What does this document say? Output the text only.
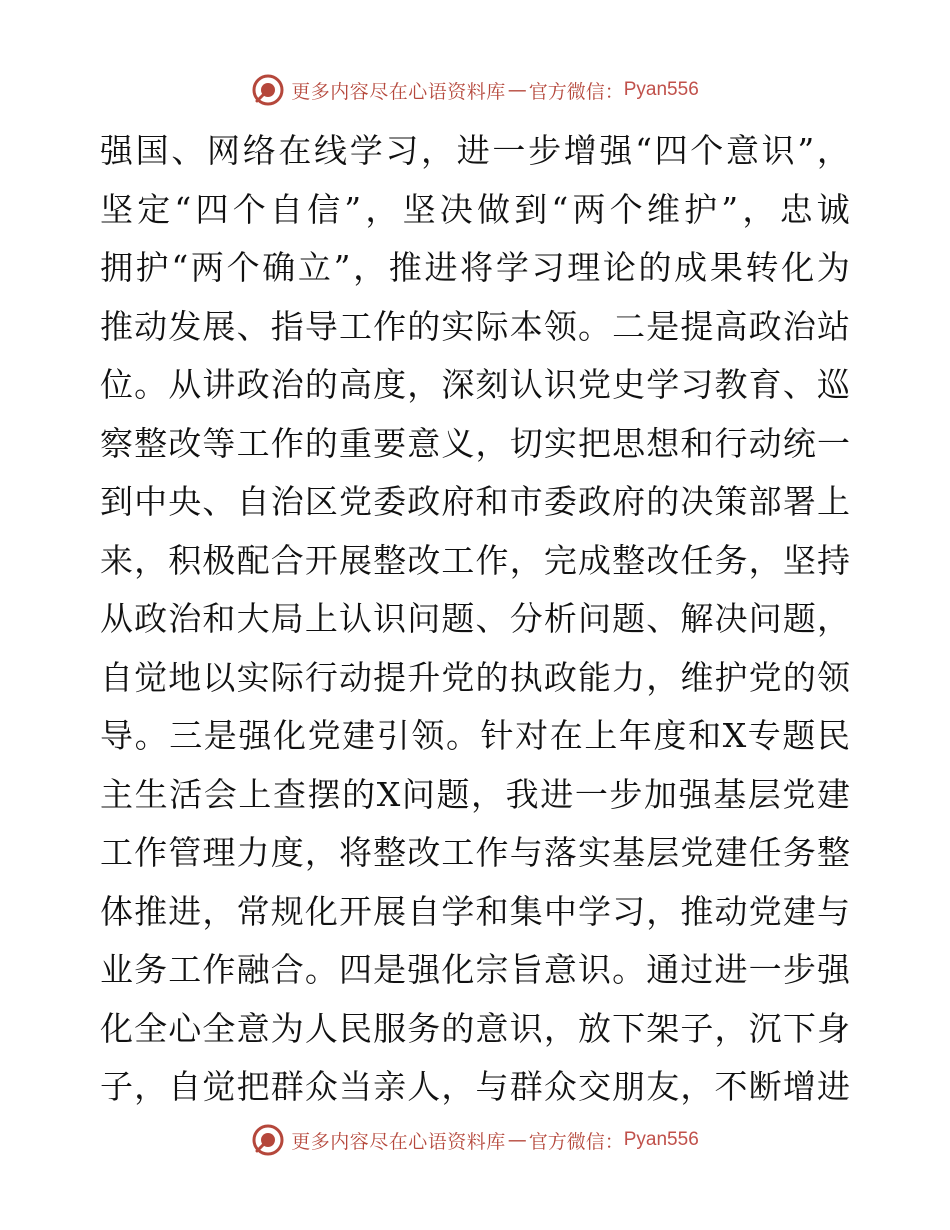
更多内容尽在心语资料库 — 官方微信： Pyan556
强 国 、 网 络 在 线 学 习 ， 进 一 步 增 强 “ 四 个 意 识 ” ，
坚 定 “ 四 个 自 信 ” ， 坚 决 做 到 “ 两 个 维 护 ” ， 忠 诚
拥 护 “ 两 个 确 立 ” ， 推 进 将 学 习 理 论 的 成 果 转 化 为
推 动 发 展 、 指 导 工 作 的 实 际 本 领 。 二 是 提 高 政 治 站
位 。 从 讲 政 治 的 高 度 ， 深 刻 认 识 党 史 学 习 教 育 、 巡
察 整 改 等 工 作 的 重 要 意 义 ， 切 实 把 思 想 和 行 动 统 一
到 中 央 、 自 治 区 党 委 政 府 和 市 委 政 府 的 决 策 部 署 上
来 ， 积 极 配 合 开 展 整 改 工 作 ， 完 成 整 改 任 务 ， 坚 持
从 政 治 和 大 局 上 认 识 问 题 、 分 析 问 题 、 解 决 问 题 ，
自 觉 地 以 实 际 行 动 提 升 党 的 执 政 能 力 ， 维 护 党 的 领
导 。 三 是 强 化 党 建 引 领 。 针 对 在 上 年 度 和 X 专 题 民
主 生 活 会 上 查 摆 的 X 问 题 ， 我 进 一 步 加 强 基 层 党 建
工 作 管 理 力 度 ， 将 整 改 工 作 与 落 实 基 层 党 建 任 务 整
体 推 进 ， 常 规 化 开 展 自 学 和 集 中 学 习 ， 推 动 党 建 与
业 务 工 作 融 合 。 四 是 强 化 宗 旨 意 识 。 通 过 进 一 步 强
化 全 心 全 意 为 人 民 服 务 的 意 识 ， 放 下 架 子 ， 沉 下 身
子 ， 自 觉 把 群 众 当 亲 人 ， 与 群 众 交 朋 友 ， 不 断 增 进
更多内容尽在心语资料库 — 官方微信： Pyan556
